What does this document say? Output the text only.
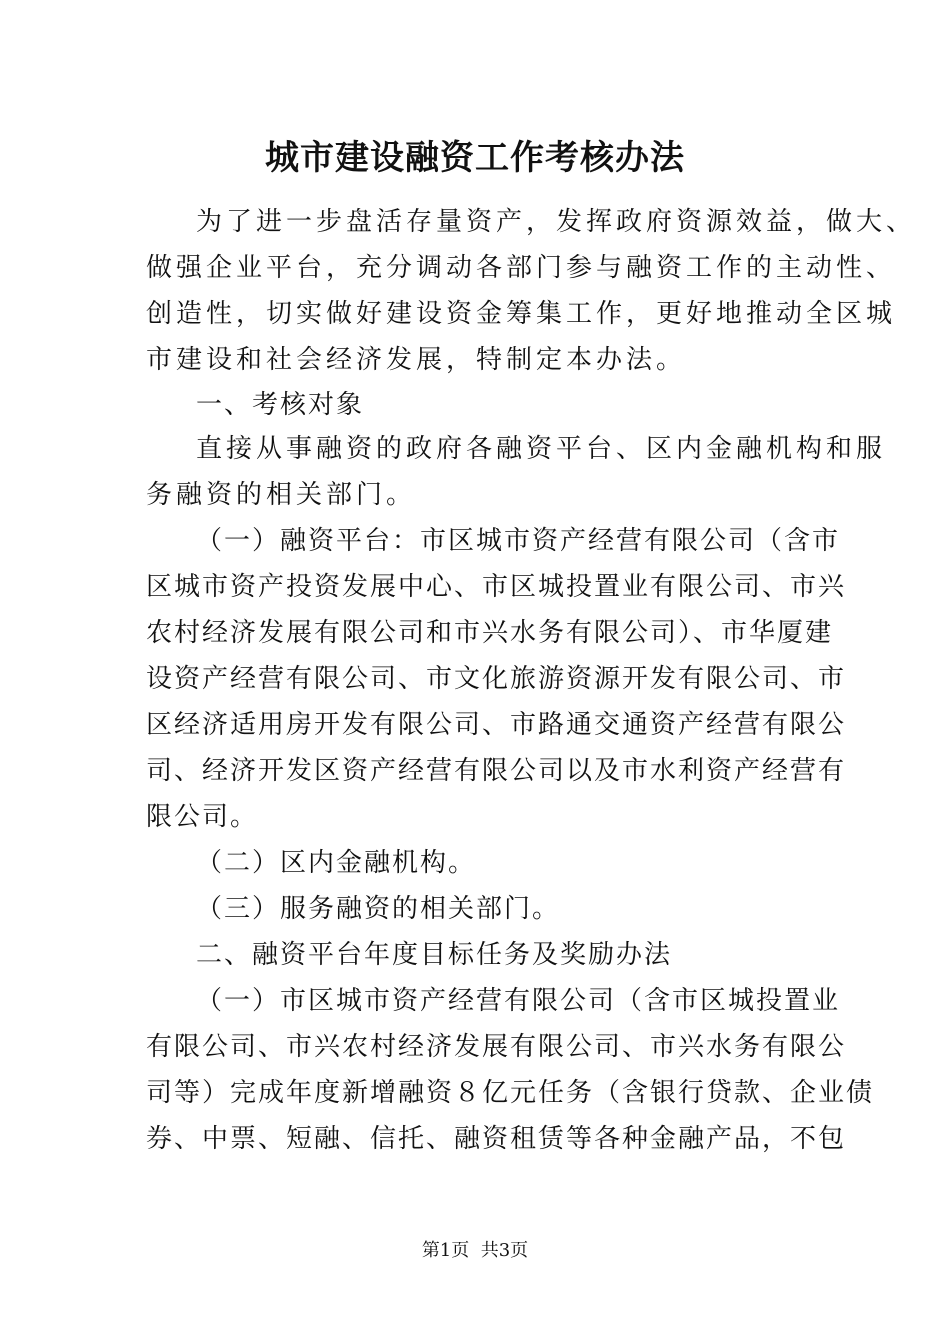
城市建设融资工作考核办法
为了进一步盘活存量资产，发挥政府资源效益，做大、
做强企业平台，充分调动各部门参与融资工作的主动性、
创造性，切实做好建设资金筹集工作，更好地推动全区城
市建设和社会经济发展，特制定本办法。
一、考核对象
直接从事融资的政府各融资平台、区内金融机构和服
务融资的相关部门。
（一）融资平台：市区城市资产经营有限公司（含市
区城市资产投资发展中心、市区城投置业有限公司、市兴
农村经济发展有限公司和市兴水务有限公司）、市华厦建
设资产经营有限公司、市文化旅游资源开发有限公司、市
区经济适用房开发有限公司、市路通交通资产经营有限公
司、经济开发区资产经营有限公司以及市水利资产经营有
限公司。
（二）区内金融机构。
（三）服务融资的相关部门。
二、融资平台年度目标任务及奖励办法
（一）市区城市资产经营有限公司（含市区城投置业
有限公司、市兴农村经济发展有限公司、市兴水务有限公
司等）完成年度新增融资８亿元任务（含银行贷款、企业债
券、中票、短融、信托、融资租赁等各种金融产品，不包
第1页  共3页
